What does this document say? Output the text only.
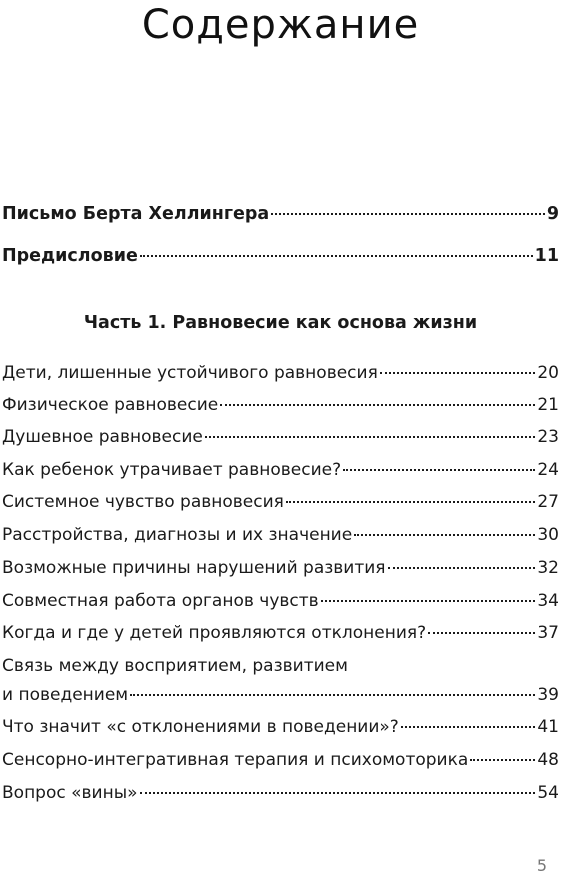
Содержание
Письмо Берта Хеллингера	9
Предисловие	11
Часть 1. Равновесие как основа жизни
Дети, лишенные устойчивого равновесия	20
Физическое равновесие	21
Душевное равновесие	23
Как ребенок утрачивает равновесие?	24
Системное чувство равновесия	27
Расстройства, диагнозы и их значение	30
Возможные причины нарушений развития	32
Совместная работа органов чувств	34
Когда и где у детей проявляются отклонения?	37
Связь между восприятием, развитием
и поведением	39
Что значит «с отклонениями в поведении»?	41
Сенсорно-интегративная терапия и психомоторика	48
Вопрос «вины»	54
5
